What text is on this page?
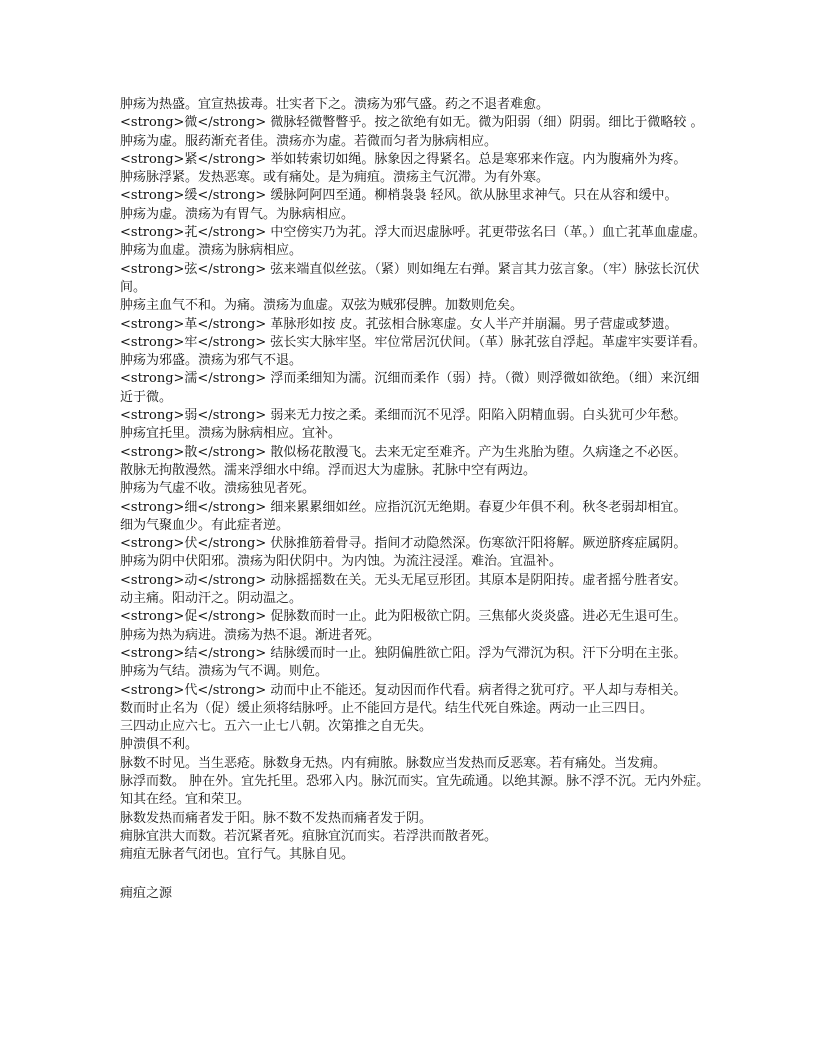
肿疡为热盛。宜宣热拔毒。壮实者下之。溃疡为邪气盛。药之不退者难愈。
<strong>微</strong> 微脉轻微瞥瞥乎。按之欲绝有如无。微为阳弱（细）阴弱。细比于微略较 。
肿疡为虚。服药渐充者佳。溃疡亦为虚。若微而匀者为脉病相应。
<strong>紧</strong> 举如转索切如绳。脉象因之得紧名。总是寒邪来作寇。内为腹痛外为疼。
肿疡脉浮紧。发热恶寒。或有痛处。是为痈疽。溃疡主气沉滞。为有外寒。
<strong>缓</strong> 缓脉阿阿四至通。柳梢袅袅 轻风。欲从脉里求神气。只在从容和缓中。
肿疡为虚。溃疡为有胃气。为脉病相应。
<strong>芤</strong> 中空傍实乃为芤。浮大而迟虚脉呼。芤更带弦名曰（革。）血亡芤革血虚虚。
肿疡为血虚。溃疡为脉病相应。
<strong>弦</strong> 弦来端直似丝弦。（紧）则如绳左右弹。紧言其力弦言象。（牢）脉弦长沉伏间。
肿疡主血气不和。为痛。溃疡为血虚。双弦为贼邪侵脾。加数则危矣。
<strong>革</strong> 革脉形如按 皮。芤弦相合脉寒虚。女人半产并崩漏。男子营虚或梦遗。
<strong>牢</strong> 弦长实大脉牢坚。牢位常居沉伏间。（革）脉芤弦自浮起。革虚牢实要详看。
肿疡为邪盛。溃疡为邪气不退。
<strong>濡</strong> 浮而柔细知为濡。沉细而柔作（弱）持。（微）则浮微如欲绝。（细）来沉细近于微。
<strong>弱</strong> 弱来无力按之柔。柔细而沉不见浮。阳陷入阴精血弱。白头犹可少年愁。
肿疡宜托里。溃疡为脉病相应。宜补。
<strong>散</strong> 散似杨花散漫飞。去来无定至难齐。产为生兆胎为堕。久病逢之不必医。
散脉无拘散漫然。濡来浮细水中绵。浮而迟大为虚脉。芤脉中空有两边。
肿疡为气虚不收。溃疡独见者死。
<strong>细</strong> 细来累累细如丝。应指沉沉无绝期。春夏少年俱不利。秋冬老弱却相宜。
细为气聚血少。有此症者逆。
<strong>伏</strong> 伏脉推筋着骨寻。指间才动隐然深。伤寒欲汗阳将解。厥逆脐疼症属阴。
肿疡为阴中伏阳邪。溃疡为阳伏阴中。为内蚀。为流注浸淫。难治。宜温补。
<strong>动</strong> 动脉摇摇数在关。无头无尾豆形团。其原本是阴阳抟。虚者摇兮胜者安。
动主痛。阳动汗之。阴动温之。
<strong>促</strong> 促脉数而时一止。此为阳极欲亡阴。三焦郁火炎炎盛。进必无生退可生。
肿疡为热为病进。溃疡为热不退。渐进者死。
<strong>结</strong> 结脉缓而时一止。独阴偏胜欲亡阳。浮为气滞沉为积。汗下分明在主张。
肿疡为气结。溃疡为气不调。则危。
<strong>代</strong> 动而中止不能还。复动因而作代看。病者得之犹可疗。平人却与寿相关。
数而时止名为（促）缓止须将结脉呼。止不能回方是代。结生代死自殊途。两动一止三四日。
三四动止应六七。五六一止七八朝。次第推之自无失。
肿溃俱不利。
脉数不时见。当生恶疮。脉数身无热。内有痈脓。脉数应当发热而反恶寒。若有痛处。当发痈。
脉浮而数。 肿在外。宜先托里。恐邪入内。脉沉而实。宜先疏通。以绝其源。脉不浮不沉。无内外症。知其在经。宜和荣卫。
脉数发热而痛者发于阳。脉不数不发热而痛者发于阴。
痈脉宜洪大而数。若沉紧者死。疽脉宜沉而实。若浮洪而散者死。
痈疽无脉者气闭也。宜行气。其脉自见。
痈疽之源
